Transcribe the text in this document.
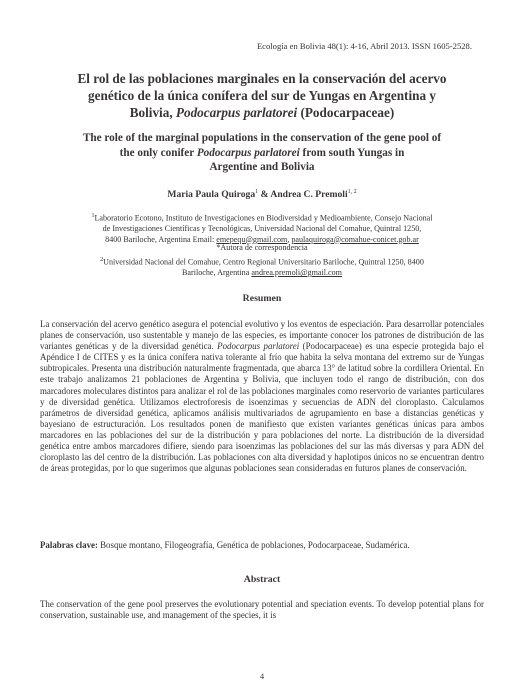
Ecología en Bolivia 48(1): 4-16, Abril 2013. ISSN 1605-2528.
El rol de las poblaciones marginales en la conservación del acervo
genético de la única conífera del sur de Yungas en Argentina y
Bolivia, Podocarpus parlatorei (Podocarpaceae)
The role of the marginal populations in the conservation of the gene pool of
the only conifer Podocarpus parlatorei from south Yungas in
Argentine and Bolivia
Maria Paula Quiroga$^1$ & Andrea C. Premoli$^{1, 2}$
$^1$Laboratorio Ecotono, Instituto de Investigaciones en Biodiversidad y Medioambiente, Consejo Nacional
de Investigaciones Científicas y Tecnológicas, Universidad Nacional del Comahue, Quintral 1250,
8400 Bariloche, Argentina Email: emepequ@gmail.com, paulaquiroga@comahue-conicet.gob.ar
*Autora de correspondencia
$^2$Universidad Nacional del Comahue, Centro Regional Universitario Bariloche, Quintral 1250, 8400
Bariloche, Argentina andrea.premoli@gmail.com
Resumen
La conservación del acervo genético asegura el potencial evolutivo y los eventos de especiación. Para desarrollar potenciales planes de conservación, uso sustentable y manejo de las especies, es importante conocer los patrones de distribución de las variantes genéticas y de la diversidad genética. Podocarpus parlatorei (Podocarpaceae) es una especie protegida bajo el Apéndice I de CITES y es la única conífera nativa tolerante al frío que habita la selva montana del extremo sur de Yungas subtropicales. Presenta una distribución naturalmente fragmentada, que abarca 13° de latitud sobre la cordillera Oriental. En este trabajo analizamos 21 poblaciones de Argentina y Bolivia, que incluyen todo el rango de distribución, con dos marcadores moleculares distintos para analizar el rol de las poblaciones marginales como reservorio de variantes particulares y de diversidad genética. Utilizamos electroforesis de isoenzimas y secuencias de ADN del cloroplasto. Calculamos parámetros de diversidad genética, aplicamos análisis multivariados de agrupamiento en base a distancias genéticas y bayesiano de estructuración. Los resultados ponen de manifiesto que existen variantes genéticas únicas para ambos marcadores en las poblaciones del sur de la distribución y para poblaciones del norte. La distribución de la diversidad genética entre ambos marcadores difiere, siendo para isoenzimas las poblaciones del sur las más diversas y para ADN del cloroplasto las del centro de la distribución. Las poblaciones con alta diversidad y haplotipos únicos no se encuentran dentro de áreas protegidas, por lo que sugerimos que algunas poblaciones sean consideradas en futuros planes de conservación.
Palabras clave: Bosque montano, Filogeografía, Genética de poblaciones, Podocarpaceae, Sudamérica.
Abstract
The conservation of the gene pool preserves the evolutionary potential and speciation events. To develop potential plans for conservation, sustainable use, and management of the species, it is
4
